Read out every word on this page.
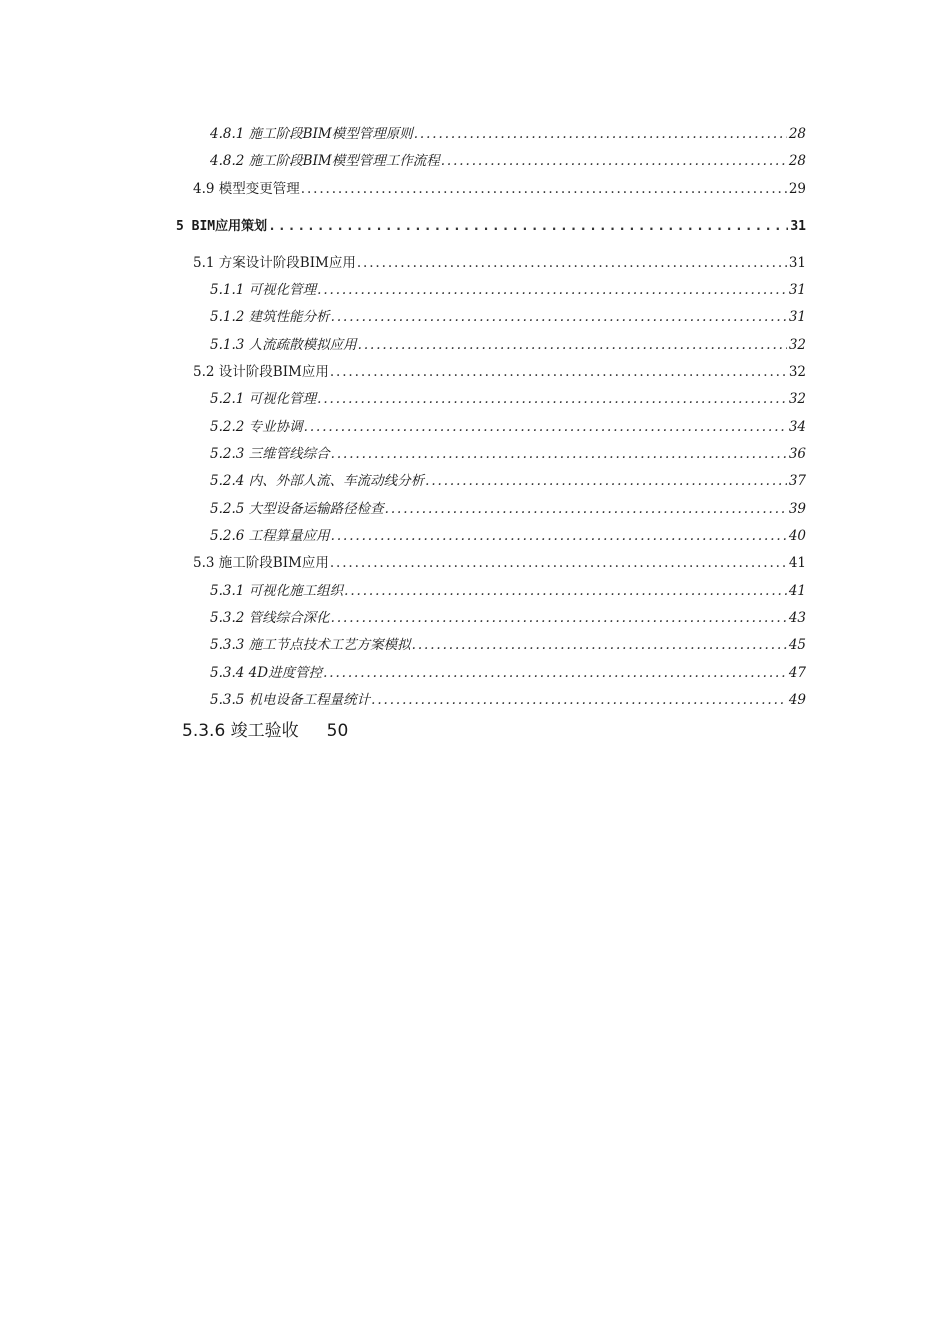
4.8.1 施工阶段BIM模型管理原则 .....	28
4.8.2 施工阶段BIM模型管理工作流程 .....	28
4.9 模型变更管理 .....	29
5 BIM应用策划 .....	31
5.1 方案设计阶段BIM应用 .....	31
5.1.1 可视化管理 .....	31
5.1.2 建筑性能分析 .....	31
5.1.3 人流疏散模拟应用 .....	32
5.2 设计阶段BIM应用 .....	32
5.2.1 可视化管理 .....	32
5.2.2 专业协调 .....	34
5.2.3 三维管线综合 .....	36
5.2.4 内、外部人流、车流动线分析 .....	37
5.2.5 大型设备运输路径检查 .....	39
5.2.6 工程算量应用 .....	40
5.3 施工阶段BIM应用 .....	41
5.3.1 可视化施工组织 .....	41
5.3.2 管线综合深化 .....	43
5.3.3 施工节点技术工艺方案模拟 .....	45
5.3.4 4D进度管控 .....	47
5.3.5 机电设备工程量统计 .....	49
5.3.6 竣工验收 50
